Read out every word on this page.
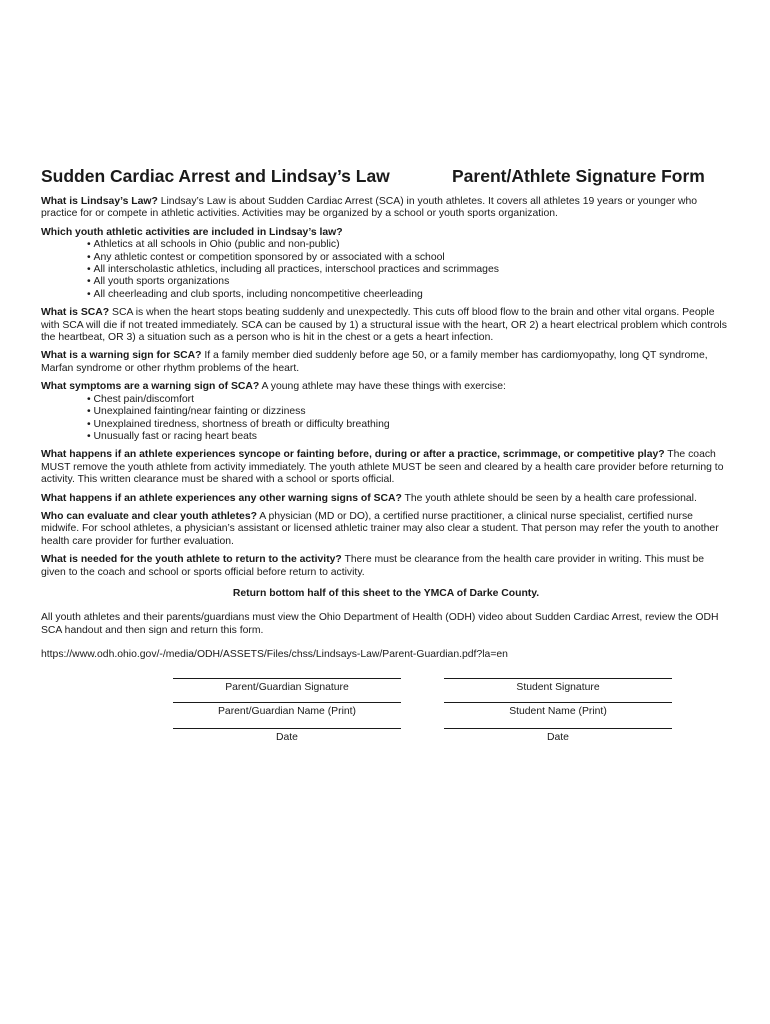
Sudden Cardiac Arrest and Lindsay’s Law	Parent/Athlete Signature Form

What is Lindsay’s Law? Lindsay’s Law is about Sudden Cardiac Arrest (SCA) in youth athletes. It covers all athletes 19 years or younger who practice for or compete in athletic activities. Activities may be organized by a school or youth sports organization.

Which youth athletic activities are included in Lindsay’s law?

• Athletics at all schools in Ohio (public and non-public)
• Any athletic contest or competition sponsored by or associated with a school
• All interscholastic athletics, including all practices, interschool practices and scrimmages
• All youth sports organizations
• All cheerleading and club sports, including noncompetitive cheerleading

What is SCA? SCA is when the heart stops beating suddenly and unexpectedly. This cuts off blood flow to the brain and other vital organs. People with SCA will die if not treated immediately. SCA can be caused by 1) a structural issue with the heart, OR 2) a heart electrical problem which controls the heartbeat, OR 3) a situation such as a person who is hit in the chest or a gets a heart infection.

What is a warning sign for SCA? If a family member died suddenly before age 50, or a family member has cardiomyopathy, long QT syndrome, Marfan syndrome or other rhythm problems of the heart.

What symptoms are a warning sign of SCA? A young athlete may have these things with exercise:

• Chest pain/discomfort
• Unexplained fainting/near fainting or dizziness
• Unexplained tiredness, shortness of breath or difficulty breathing
• Unusually fast or racing heart beats

What happens if an athlete experiences syncope or fainting before, during or after a practice, scrimmage, or competitive play? The coach MUST remove the youth athlete from activity immediately. The youth athlete MUST be seen and cleared by a health care provider before returning to activity. This written clearance must be shared with a school or sports official.

What happens if an athlete experiences any other warning signs of SCA? The youth athlete should be seen by a health care professional.

Who can evaluate and clear youth athletes? A physician (MD or DO), a certified nurse practitioner, a clinical nurse specialist, certified nurse midwife. For school athletes, a physician’s assistant or licensed athletic trainer may also clear a student. That person may refer the youth to another health care provider for further evaluation.

What is needed for the youth athlete to return to the activity? There must be clearance from the health care provider in writing. This must be given to the coach and school or sports official before return to activity.

Return bottom half of this sheet to the YMCA of Darke County.

All youth athletes and their parents/guardians must view the Ohio Department of Health (ODH) video about Sudden Cardiac Arrest, review the ODH SCA handout and then sign and return this form.

https://www.odh.ohio.gov/-/media/ODH/ASSETS/Files/chss/Lindsays-Law/Parent-Guardian.pdf?la=en

Parent/Guardian Signature	Student Signature
Parent/Guardian Name (Print)	Student Name (Print)
Date	Date
